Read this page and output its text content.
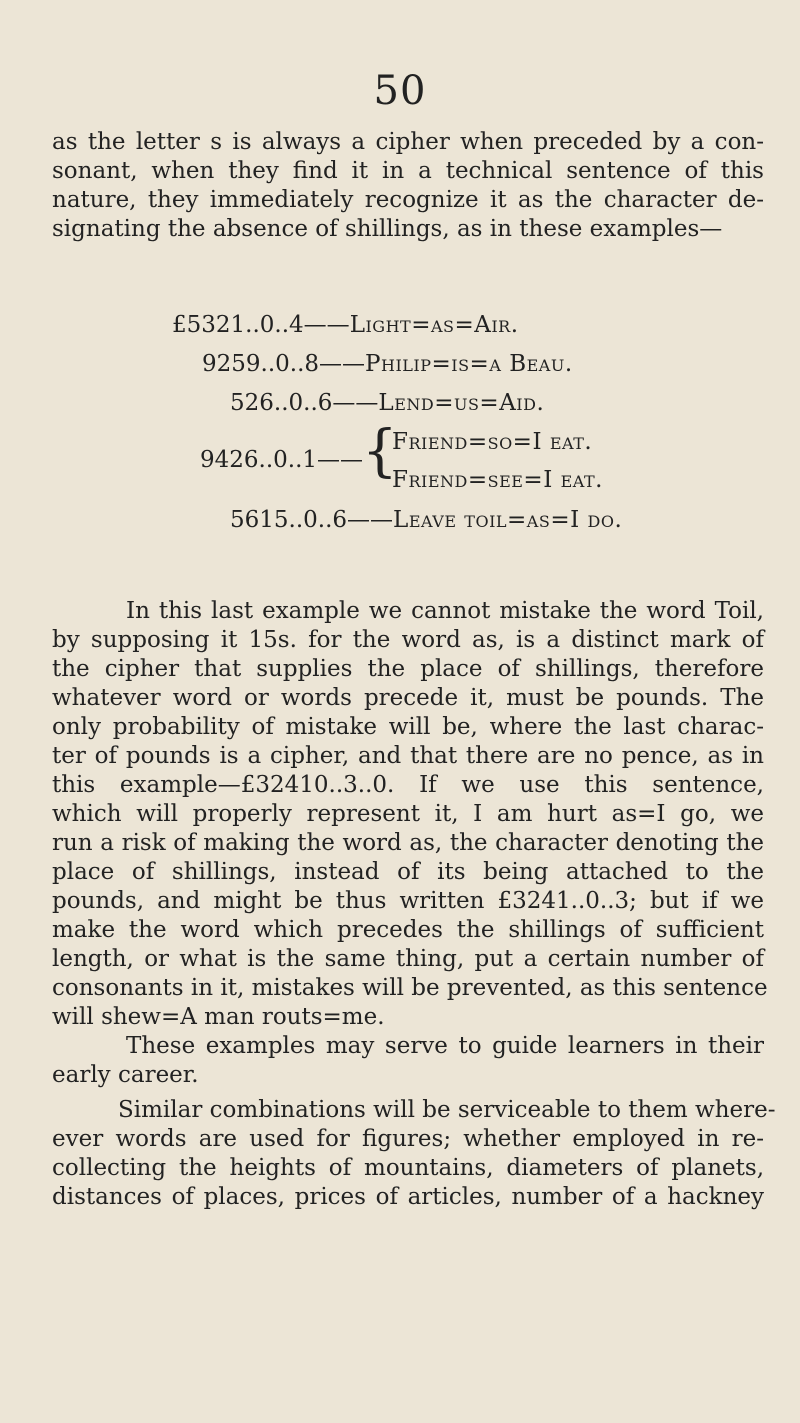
50
as the letter s is always a cipher when preceded by a con-
sonant, when they find it in a technical sentence of this
nature, they immediately recognize it as the character de-
signating the absence of shillings, as in these examples—
£5321..0..4——Light=as=Air.
9259..0..8——Philip=is=a Beau.
526..0..6——Lend=us=Aid.
9426..0..1——
{
Friend=so=I eat.
Friend=see=I eat.
5615..0..6——Leave toil=as=I do.
In this last example we cannot mistake the word Toil,
by supposing it 15s. for the word as, is a distinct mark of
the cipher that supplies the place of shillings, therefore
whatever word or words precede it, must be pounds. The
only probability of mistake will be, where the last charac-
ter of pounds is a cipher, and that there are no pence, as in
this example—£32410..3..0. If we use this sentence,
which will properly represent it, I am hurt as=I go, we
run a risk of making the word as, the character denoting the
place of shillings, instead of its being attached to the
pounds, and might be thus written £3241..0..3; but if we
make the word which precedes the shillings of sufficient
length, or what is the same thing, put a certain number of
consonants in it, mistakes will be prevented, as this sentence
will shew=A man routs=me.
These examples may serve to guide learners in their
early career.
Similar combinations will be serviceable to them where-
ever words are used for figures; whether employed in re-
collecting the heights of mountains, diameters of planets,
distances of places, prices of articles, number of a hackney
